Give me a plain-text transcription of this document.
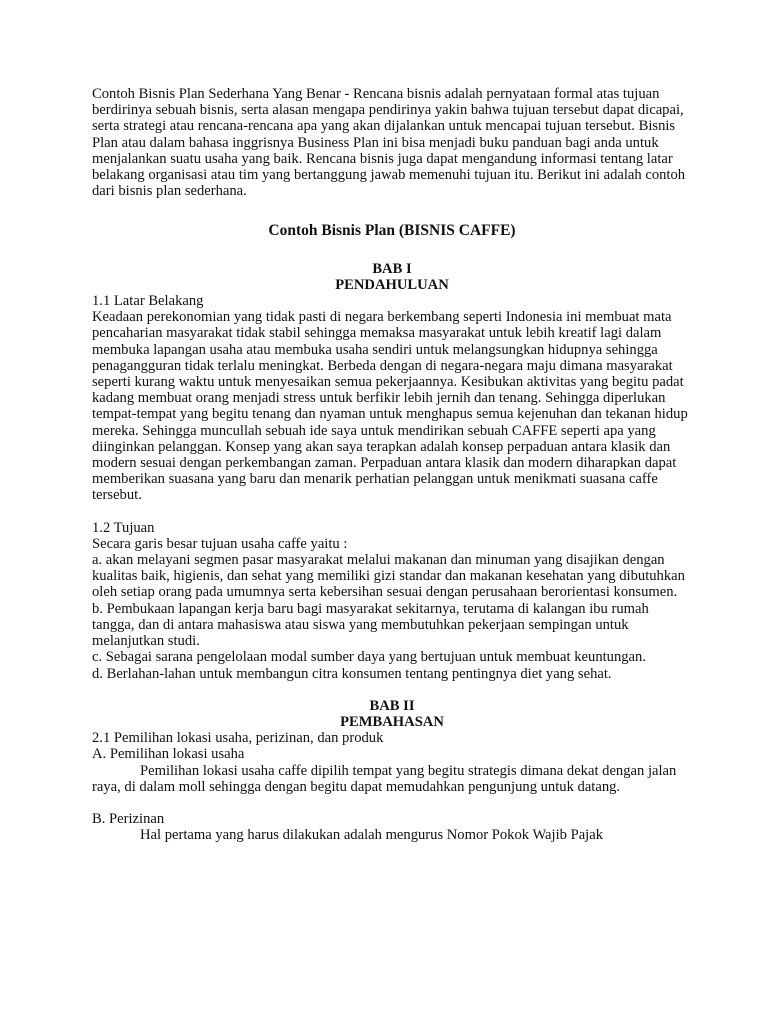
Contoh Bisnis Plan Sederhana Yang Benar - Rencana bisnis adalah pernyataan formal atas tujuan berdirinya sebuah bisnis, serta alasan mengapa pendirinya yakin bahwa tujuan tersebut dapat dicapai, serta strategi atau rencana-rencana apa yang akan dijalankan untuk mencapai tujuan tersebut. Bisnis Plan atau dalam bahasa inggrisnya Business Plan ini bisa menjadi buku panduan bagi anda untuk menjalankan suatu usaha yang baik. Rencana bisnis juga dapat mengandung informasi tentang latar belakang organisasi atau tim yang bertanggung jawab memenuhi tujuan itu. Berikut ini adalah contoh dari bisnis plan sederhana.

Contoh Bisnis Plan (BISNIS CAFFE)

BAB I

PENDAHULUAN

1.1 Latar Belakang

Keadaan perekonomian yang tidak pasti di negara berkembang seperti Indonesia ini membuat mata pencaharian masyarakat tidak stabil sehingga memaksa masyarakat untuk lebih kreatif lagi dalam membuka lapangan usaha atau membuka usaha sendiri untuk melangsungkan hidupnya sehingga penagangguran tidak terlalu meningkat. Berbeda dengan di negara-negara maju dimana masyarakat seperti kurang waktu untuk menyesaikan semua pekerjaannya. Kesibukan aktivitas yang begitu padat kadang membuat orang menjadi stress untuk berfikir lebih jernih dan tenang. Sehingga diperlukan tempat-tempat yang begitu tenang dan nyaman untuk menghapus semua kejenuhan dan tekanan hidup mereka. Sehingga muncullah sebuah ide saya untuk mendirikan sebuah CAFFE seperti apa yang diinginkan pelanggan. Konsep yang akan saya terapkan adalah konsep perpaduan antara klasik dan modern sesuai dengan perkembangan zaman. Perpaduan antara klasik dan modern diharapkan dapat memberikan suasana yang baru dan menarik perhatian pelanggan untuk menikmati suasana caffe tersebut.

1.2 Tujuan

Secara garis besar tujuan usaha caffe yaitu :

a. akan melayani segmen pasar masyarakat melalui makanan dan minuman yang disajikan dengan kualitas baik, higienis, dan sehat yang memiliki gizi standar dan makanan kesehatan yang dibutuhkan oleh setiap orang pada umumnya serta kebersihan sesuai dengan perusahaan berorientasi konsumen.

b. Pembukaan lapangan kerja baru bagi masyarakat sekitarnya, terutama di kalangan ibu rumah tangga, dan di antara mahasiswa atau siswa yang membutuhkan pekerjaan sempingan untuk melanjutkan studi.

c. Sebagai sarana pengelolaan modal sumber daya yang bertujuan untuk membuat keuntungan.

d. Berlahan-lahan untuk membangun citra konsumen tentang pentingnya diet yang sehat.

BAB II

PEMBAHASAN

2.1 Pemilihan lokasi usaha, perizinan, dan produk

A. Pemilihan lokasi usaha

Pemilihan lokasi usaha caffe dipilih tempat yang begitu strategis dimana dekat dengan jalan raya, di dalam moll sehingga dengan begitu dapat memudahkan pengunjung untuk datang.

B. Perizinan

Hal pertama yang harus dilakukan adalah mengurus Nomor Pokok Wajib Pajak
